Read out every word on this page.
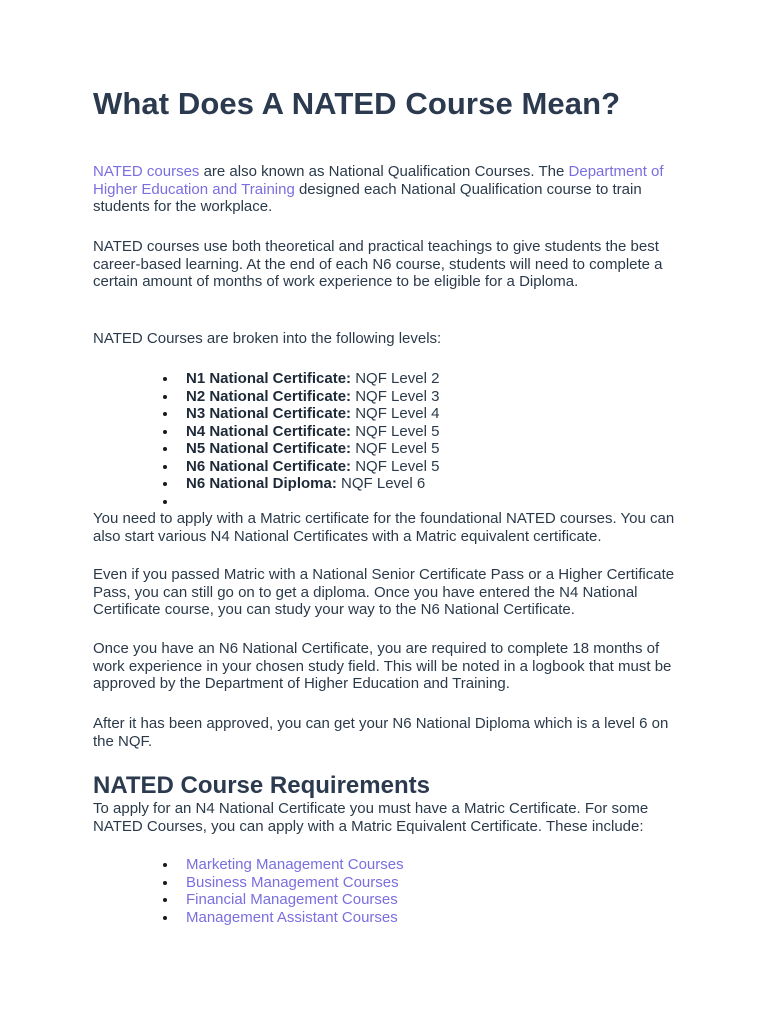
What Does A NATED Course Mean?

NATED courses are also known as National Qualification Courses. The Department of Higher Education and Training designed each National Qualification course to train students for the workplace.

NATED courses use both theoretical and practical teachings to give students the best career-based learning. At the end of each N6 course, students will need to complete a certain amount of months of work experience to be eligible for a Diploma.

NATED Courses are broken into the following levels:

N1 National Certificate: NQF Level 2
N2 National Certificate: NQF Level 3
N3 National Certificate: NQF Level 4
N4 National Certificate: NQF Level 5
N5 National Certificate: NQF Level 5
N6 National Certificate: NQF Level 5
N6 National Diploma: NQF Level 6

You need to apply with a Matric certificate for the foundational NATED courses. You can also start various N4 National Certificates with a Matric equivalent certificate.

Even if you passed Matric with a National Senior Certificate Pass or a Higher Certificate Pass, you can still go on to get a diploma. Once you have entered the N4 National Certificate course, you can study your way to the N6 National Certificate.

Once you have an N6 National Certificate, you are required to complete 18 months of work experience in your chosen study field. This will be noted in a logbook that must be approved by the Department of Higher Education and Training.

After it has been approved, you can get your N6 National Diploma which is a level 6 on the NQF.

NATED Course Requirements

To apply for an N4 National Certificate you must have a Matric Certificate. For some NATED Courses, you can apply with a Matric Equivalent Certificate. These include:

Marketing Management Courses
Business Management Courses
Financial Management Courses
Management Assistant Courses
